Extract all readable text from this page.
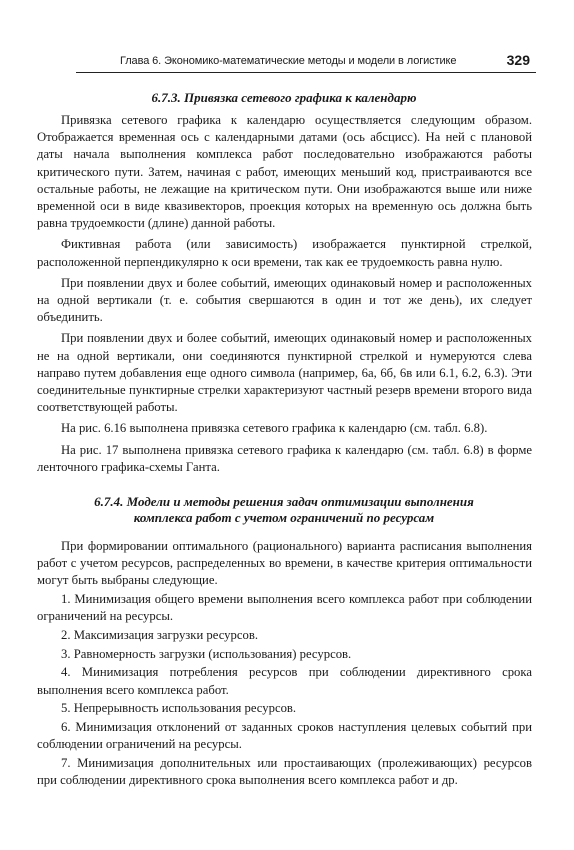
Глава 6. Экономико-математические методы и модели в логистике	329
6.7.3. Привязка сетевого графика к календарю

Привязка сетевого графика к календарю осуществляется следующим образом. Отображается временная ось с календарными датами (ось абсцисс). На ней с плановой даты начала выполнения комплекса работ последовательно изображаются работы критического пути. Затем, начиная с работ, имеющих меньший код, пристраиваются все остальные работы, не лежащие на критическом пути. Они изображаются выше или ниже временной оси в виде квазивекторов, проекция которых на временную ось должна быть равна трудоемкости (длине) данной работы.

Фиктивная работа (или зависимость) изображается пунктирной стрелкой, расположенной перпендикулярно к оси времени, так как ее трудоемкость равна нулю.

При появлении двух и более событий, имеющих одинаковый номер и расположенных на одной вертикали (т. е. события свершаются в один и тот же день), их следует объединить.

При появлении двух и более событий, имеющих одинаковый номер и расположенных не на одной вертикали, они соединяются пунктирной стрелкой и нумеруются слева направо путем добавления еще одного символа (например, 6а, 6б, 6в или 6.1, 6.2, 6.3). Эти соединительные пунктирные стрелки характеризуют частный резерв времени второго вида соответствующей работы.

На рис. 6.16 выполнена привязка сетевого графика к календарю (см. табл. 6.8).

На рис. 17 выполнена привязка сетевого графика к календарю (см. табл. 6.8) в форме ленточного графика-схемы Ганта.

6.7.4. Модели и методы решения задач оптимизации выполнения
комплекса работ с учетом ограничений по ресурсам

При формировании оптимального (рационального) варианта расписания выполнения работ с учетом ресурсов, распределенных во времени, в качестве критерия оптимальности могут быть выбраны следующие.

1. Минимизация общего времени выполнения всего комплекса работ при соблюдении ограничений на ресурсы.

2. Максимизация загрузки ресурсов.

3. Равномерность загрузки (использования) ресурсов.

4. Минимизация потребления ресурсов при соблюдении директивного срока выполнения всего комплекса работ.

5. Непрерывность использования ресурсов.

6. Минимизация отклонений от заданных сроков наступления целевых событий при соблюдении ограничений на ресурсы.

7. Минимизация дополнительных или простаивающих (пролеживающих) ресурсов при соблюдении директивного срока выполнения всего комплекса работ и др.
